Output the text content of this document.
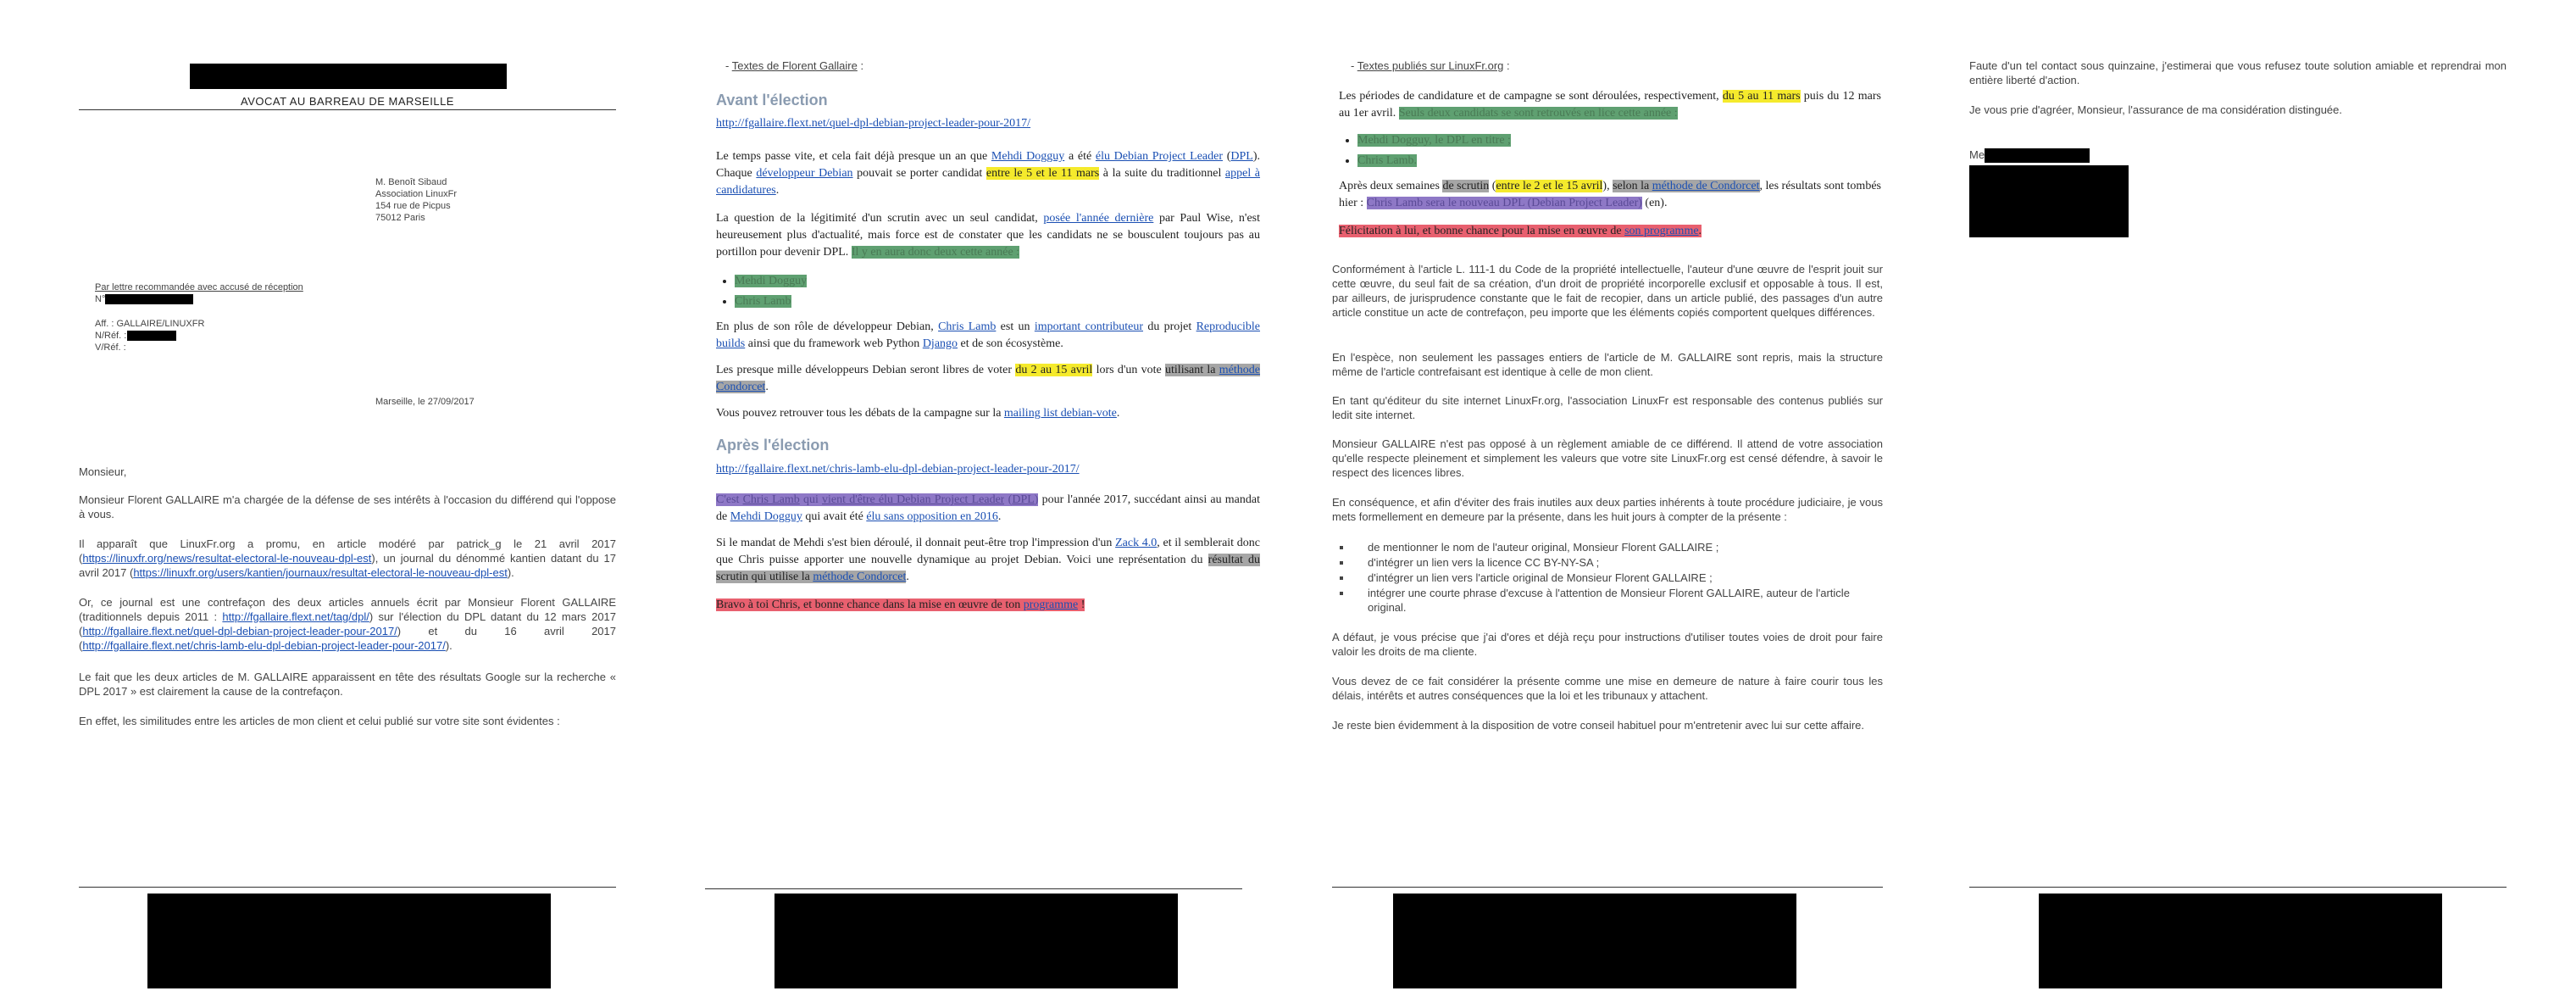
AVOCAT AU BARREAU DE MARSEILLE
M. Benoît Sibaud
Association LinuxFr
154 rue de Picpus
75012 Paris
Par lettre recommandée avec accusé de réception
N°
Aff. : GALLAIRE/LINUXFR
N/Réf. :
V/Réf. :
Marseille, le 27/09/2017
Monsieur,
Monsieur Florent GALLAIRE m'a chargée de la défense de ses intérêts à l'occasion du différend qui l'oppose à vous.
Il apparaît que LinuxFr.org a promu, en article modéré par patrick_g le 21 avril 2017 (https://linuxfr.org/news/resultat-electoral-le-nouveau-dpl-est), un journal du dénommé kantien datant du 17 avril 2017 (https://linuxfr.org/users/kantien/journaux/resultat-electoral-le-nouveau-dpl-est).
Or, ce journal est une contrefaçon des deux articles annuels écrit par Monsieur Florent GALLAIRE (traditionnels depuis 2011 : http://fgallaire.flext.net/tag/dpl/) sur l'élection du DPL datant du 12 mars 2017 (http://fgallaire.flext.net/quel-dpl-debian-project-leader-pour-2017/) et du 16 avril 2017 (http://fgallaire.flext.net/chris-lamb-elu-dpl-debian-project-leader-pour-2017/).
Le fait que les deux articles de M. GALLAIRE apparaissent en tête des résultats Google sur la recherche « DPL 2017 » est clairement la cause de la contrefaçon.
En effet, les similitudes entre les articles de mon client et celui publié sur votre site sont évidentes :
- Textes de Florent Gallaire :
Avant l'élection
http://fgallaire.flext.net/quel-dpl-debian-project-leader-pour-2017/
Le temps passe vite, et cela fait déjà presque un an que Mehdi Dogguy a été élu Debian Project Leader (DPL). Chaque développeur Debian pouvait se porter candidat entre le 5 et le 11 mars à la suite du traditionnel appel à candidatures.
La question de la légitimité d'un scrutin avec un seul candidat, posée l'année dernière par Paul Wise, n'est heureusement plus d'actualité, mais force est de constater que les candidats ne se bousculent toujours pas au portillon pour devenir DPL. Il y en aura donc deux cette année :
• Mehdi Dogguy
• Chris Lamb
En plus de son rôle de développeur Debian, Chris Lamb est un important contributeur du projet Reproducible builds ainsi que du framework web Python Django et de son écosystème.
Les presque mille développeurs Debian seront libres de voter du 2 au 15 avril lors d'un vote utilisant la méthode Condorcet.
Vous pouvez retrouver tous les débats de la campagne sur la mailing list debian-vote.
Après l'élection
http://fgallaire.flext.net/chris-lamb-elu-dpl-debian-project-leader-pour-2017/
C'est Chris Lamb qui vient d'être élu Debian Project Leader (DPL) pour l'année 2017, succédant ainsi au mandat de Mehdi Dogguy qui avait été élu sans opposition en 2016.
Si le mandat de Mehdi s'est bien déroulé, il donnait peut-être trop l'impression d'un Zack 4.0, et il semblerait donc que Chris puisse apporter une nouvelle dynamique au projet Debian. Voici une représentation du résultat du scrutin qui utilise la méthode Condorcet.
Bravo à toi Chris, et bonne chance dans la mise en œuvre de ton programme !
- Textes publiés sur LinuxFr.org :
Les périodes de candidature et de campagne se sont déroulées, respectivement, du 5 au 11 mars puis du 12 mars au 1er avril. Seuls deux candidats se sont retrouvés en lice cette année :
• Mehdi Dogguy, le DPL en titre ;
• Chris Lamb.
Après deux semaines de scrutin (entre le 2 et le 15 avril), selon la méthode de Condorcet, les résultats sont tombés hier : Chris Lamb sera le nouveau DPL (Debian Project Leader) (en).
Félicitation à lui, et bonne chance pour la mise en œuvre de son programme.
Conformément à l'article L. 111-1 du Code de la propriété intellectuelle, l'auteur d'une œuvre de l'esprit jouit sur cette œuvre, du seul fait de sa création, d'un droit de propriété incorporelle exclusif et opposable à tous. Il est, par ailleurs, de jurisprudence constante que le fait de recopier, dans un article publié, des passages d'un autre article constitue un acte de contrefaçon, peu importe que les éléments copiés comportent quelques différences.
En l'espèce, non seulement les passages entiers de l'article de M. GALLAIRE sont repris, mais la structure même de l'article contrefaisant est identique à celle de mon client.
En tant qu'éditeur du site internet LinuxFr.org, l'association LinuxFr est responsable des contenus publiés sur ledit site internet.
Monsieur GALLAIRE n'est pas opposé à un règlement amiable de ce différend. Il attend de votre association qu'elle respecte pleinement et simplement les valeurs que votre site LinuxFr.org est censé défendre, à savoir le respect des licences libres.
En conséquence, et afin d'éviter des frais inutiles aux deux parties inhérents à toute procédure judiciaire, je vous mets formellement en demeure par la présente, dans les huit jours à compter de la présente :
▪ de mentionner le nom de l'auteur original, Monsieur Florent GALLAIRE ;
▪ d'intégrer un lien vers la licence CC BY-NY-SA ;
▪ d'intégrer un lien vers l'article original de Monsieur Florent GALLAIRE ;
▪ intégrer une courte phrase d'excuse à l'attention de Monsieur Florent GALLAIRE, auteur de l'article original.
A défaut, je vous précise que j'ai d'ores et déjà reçu pour instructions d'utiliser toutes voies de droit pour faire valoir les droits de ma cliente.
Vous devez de ce fait considérer la présente comme une mise en demeure de nature à faire courir tous les délais, intérêts et autres conséquences que la loi et les tribunaux y attachent.
Je reste bien évidemment à la disposition de votre conseil habituel pour m'entretenir avec lui sur cette affaire.
Faute d'un tel contact sous quinzaine, j'estimerai que vous refusez toute solution amiable et reprendrai mon entière liberté d'action.
Je vous prie d'agréer, Monsieur, l'assurance de ma considération distinguée.
Me
